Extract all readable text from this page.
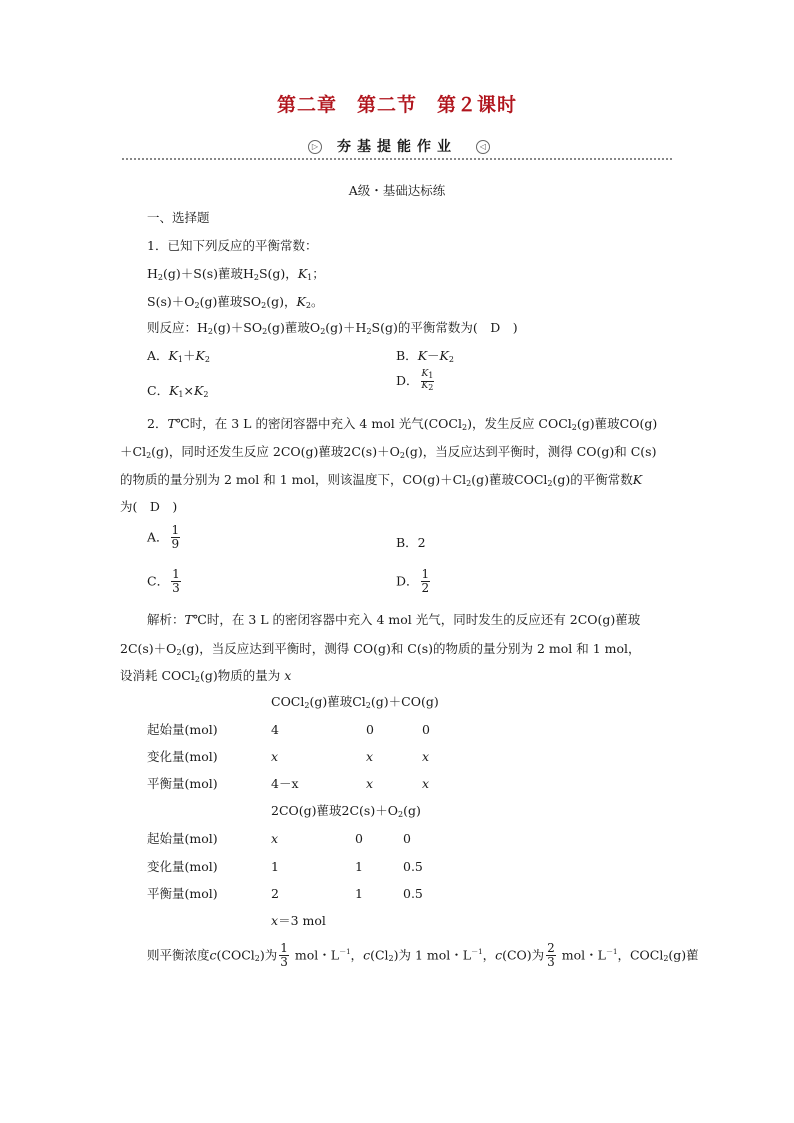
第二章　第二节　第２课时
▷	夯基提能作业	◁
A级・基础达标练
一、选择题
1．已知下列反应的平衡常数：
$H_2(g)+S(s)$雚玻$H_2S(g)$，$K_1$；
$S(s)+O_2(g)$雚玻$SO_2(g)$，$K_2$。
则反应：$H_2(g)+SO_2(g)$雚玻$O_2(g)+H_2S(g)$的平衡常数为(　D　)
A．$K_1+K_2$	B．$K-K_2$
C．$K_1\times K_2$
D． $\frac{K_1}{K_2}$
2．T℃时，在 3 L 的密闭容器中充入 4 mol 光气(COCl$_2$)，发生反应 COCl$_2$(g)雚玻CO(g)
$+Cl_2(g)$，同时还发生反应 2CO(g)雚玻$2C(s)+O_2(g)$，当反应达到平衡时，测得 CO(g)和 C(s)
的物质的量分别为 2 mol 和 1 mol，则该温度下，$CO(g)+Cl_2(g)$雚玻COCl$_2$(g)的平衡常数K
为(　D　)
A． $\frac{1}{9}$	B．2
C． $\frac{1}{3}$	D． $\frac{1}{2}$
解析：T℃时，在 3 L 的密闭容器中充入 4 mol 光气，同时发生的反应还有 2CO(g)雚玻
$2C(s)+O_2(g)$，当反应达到平衡时，测得 CO(g)和 C(s)的物质的量分别为 2 mol 和 1 mol，
设消耗 COCl$_2$(g)物质的量为 x
COCl$_2$(g)雚玻$Cl_2(g)+CO(g)$
起始量(mol)	4	0	0
变化量(mol)	x	x	x
平衡量(mol)	4－x	x	x
2CO(g)雚玻$2C(s)+O_2(g)$
起始量(mol)	x	0	0
变化量(mol)	1	1	0.5
平衡量(mol)	2	1	0.5
x＝3 mol
则平衡浓度c(COCl$_2$)为 $\frac{1}{3}$ mol・$L^{-1}$，$c(Cl_2)$为 1 mol・$L^{-1}$，c(CO)为 $\frac{2}{3}$ mol・$L^{-1}$，COCl$_2$(g)雚
